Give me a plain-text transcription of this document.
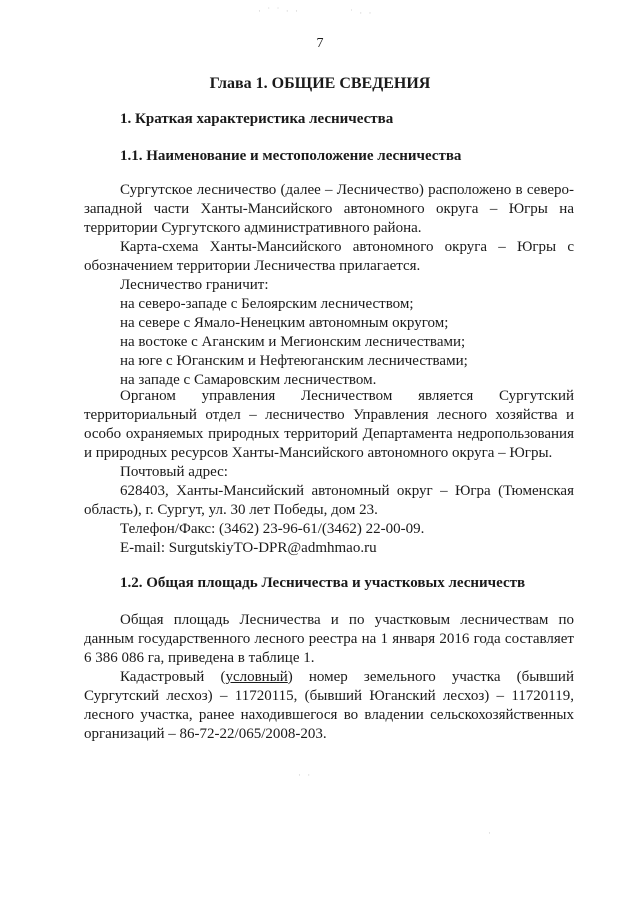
· ˙ ˙ · ·	˙ · ·
7
Глава 1. ОБЩИЕ СВЕДЕНИЯ
1. Краткая характеристика лесничества
1.1. Наименование и местоположение лесничества

Сургутское лесничество (далее – Лесничество) расположено в северо-западной части Ханты-Мансийского автономного округа – Югры на территории Сургутского административного района.

Карта-схема Ханты-Мансийского автономного округа – Югры с обозначением территории Лесничества прилагается.

Лесничество граничит:

на северо-западе с Белоярским лесничеством;

на севере с Ямало-Ненецким автономным округом;

на востоке с Аганским и Мегионским лесничествами;

на юге с Юганским и Нефтеюганским лесничествами;

на западе с Самаровским лесничеством.

Органом управления Лесничеством является Сургутский территориальный отдел – лесничество Управления лесного хозяйства и особо охраняемых природных территорий Департамента недропользования и природных ресурсов Ханты-Мансийского автономного округа – Югры.

Почтовый адрес:

628403, Ханты-Мансийский автономный округ – Югра (Тюменская область), г. Сургут, ул. 30 лет Победы, дом 23.

Телефон/Факс: (3462) 23-96-61/(3462) 22-00-09.

E-mail: SurgutskiyTO-DPR@admhmao.ru

1.2. Общая площадь Лесничества и участковых лесничеств

Общая площадь Лесничества и по участковым лесничествам по данным государственного лесного реестра на 1 января 2016 года составляет 6 386 086 га, приведена в таблице 1.

Кадастровый (условный) номер земельного участка (бывший Сургутский лесхоз) – 11720115, (бывший Юганский лесхоз) – 11720119, лесного участка, ранее находившегося во владении сельскохозяйственных организаций – 86-72-22/065/2008-203.

· ·
·
